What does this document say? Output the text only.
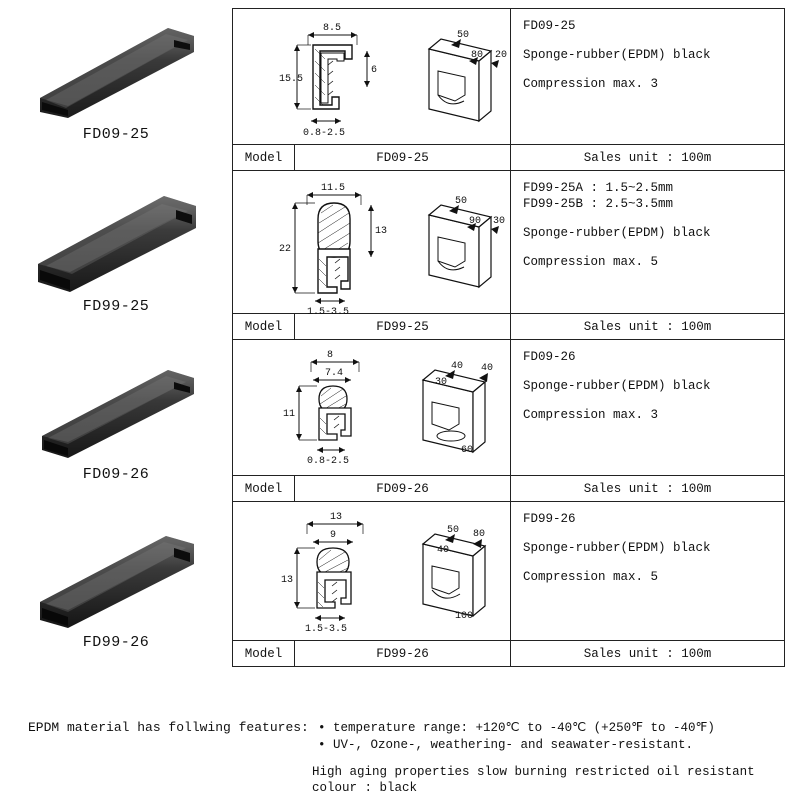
FD09-25
FD99-25
FD09-26
FD99-26
8.5
15.5
6
0.8-2.5
50
80 20
FD09-25
Sponge-rubber(EPDM) black
Compression max. 3
Model	FD09-25	Sales unit : 100m
11.5
22
13
1.5-3.5
50
90 30
FD99-25A : 1.5~2.5mm
FD99-25B : 2.5~3.5mm
Sponge-rubber(EPDM) black
Compression max. 5
Model	FD99-25	Sales unit : 100m
8
7.4
11
0.8-2.5
40
30
40
60
FD09-26
Sponge-rubber(EPDM) black
Compression max. 3
Model	FD09-26	Sales unit : 100m
13
9
13
1.5-3.5
50
40
80
100
FD99-26
Sponge-rubber(EPDM) black
Compression max. 5
Model	FD99-26	Sales unit : 100m
EPDM material has follwing features: • temperature range: +120℃ to -40℃ (+250℉ to -40℉)
• UV-, Ozone-, weathering- and seawater-resistant.
High aging properties slow burning restricted oil resistant
colour : black
